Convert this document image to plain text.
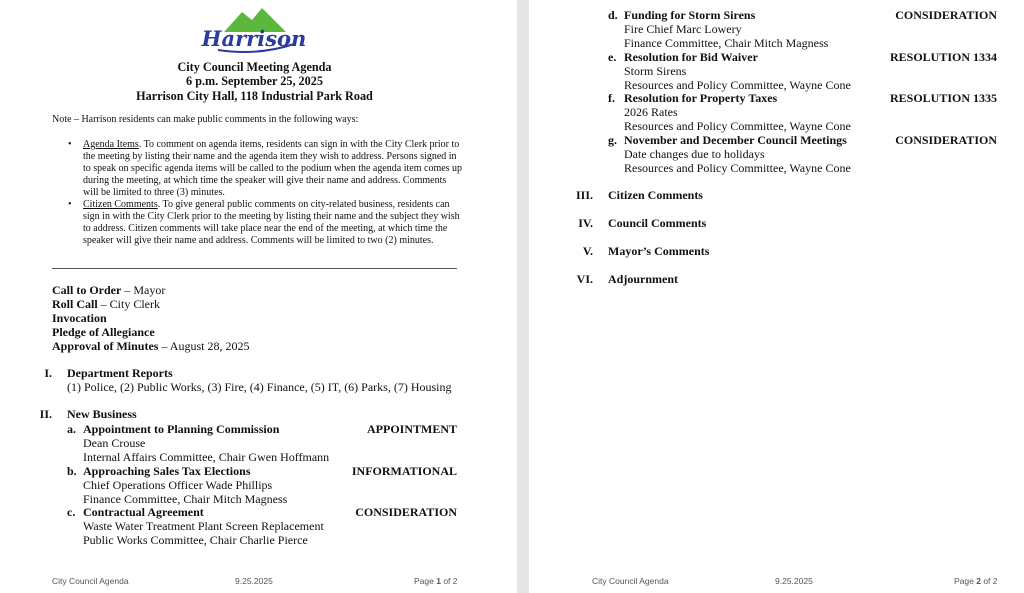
Harrison
City Council Meeting Agenda
6 p.m. September 25, 2025
Harrison City Hall, 118 Industrial Park Road
Note – Harrison residents can make public comments in the following ways:
• Agenda Items. To comment on agenda items, residents can sign in with the City Clerk prior to the meeting by listing their name and the agenda item they wish to address. Persons signed in to speak on specific agenda items will be called to the podium when the agenda item comes up during the meeting, at which time the speaker will give their name and address. Comments will be limited to three (3) minutes.
• Citizen Comments. To give general public comments on city-related business, residents can sign in with the City Clerk prior to the meeting by listing their name and the subject they wish to address. Citizen comments will take place near the end of the meeting, at which time the speaker will give their name and address. Comments will be limited to two (2) minutes.
Call to Order – Mayor
Roll Call – City Clerk
Invocation
Pledge of Allegiance
Approval of Minutes – August 28, 2025
I. Department Reports
(1) Police, (2) Public Works, (3) Fire, (4) Finance, (5) IT, (6) Parks, (7) Housing
II. New Business
a. Appointment to Planning Commission	APPOINTMENT
Dean Crouse
Internal Affairs Committee, Chair Gwen Hoffmann
b. Approaching Sales Tax Elections	INFORMATIONAL
Chief Operations Officer Wade Phillips
Finance Committee, Chair Mitch Magness
c. Contractual Agreement	CONSIDERATION
Waste Water Treatment Plant Screen Replacement
Public Works Committee, Chair Charlie Pierce
City Council Agenda	9.25.2025	Page 1 of 2
d. Funding for Storm Sirens	CONSIDERATION
Fire Chief Marc Lowery
Finance Committee, Chair Mitch Magness
e. Resolution for Bid Waiver	RESOLUTION 1334
Storm Sirens
Resources and Policy Committee, Wayne Cone
f. Resolution for Property Taxes	RESOLUTION 1335
2026 Rates
Resources and Policy Committee, Wayne Cone
g. November and December Council Meetings	CONSIDERATION
Date changes due to holidays
Resources and Policy Committee, Wayne Cone
III. Citizen Comments
IV. Council Comments
V. Mayor’s Comments
VI. Adjournment
City Council Agenda	9.25.2025	Page 2 of 2
